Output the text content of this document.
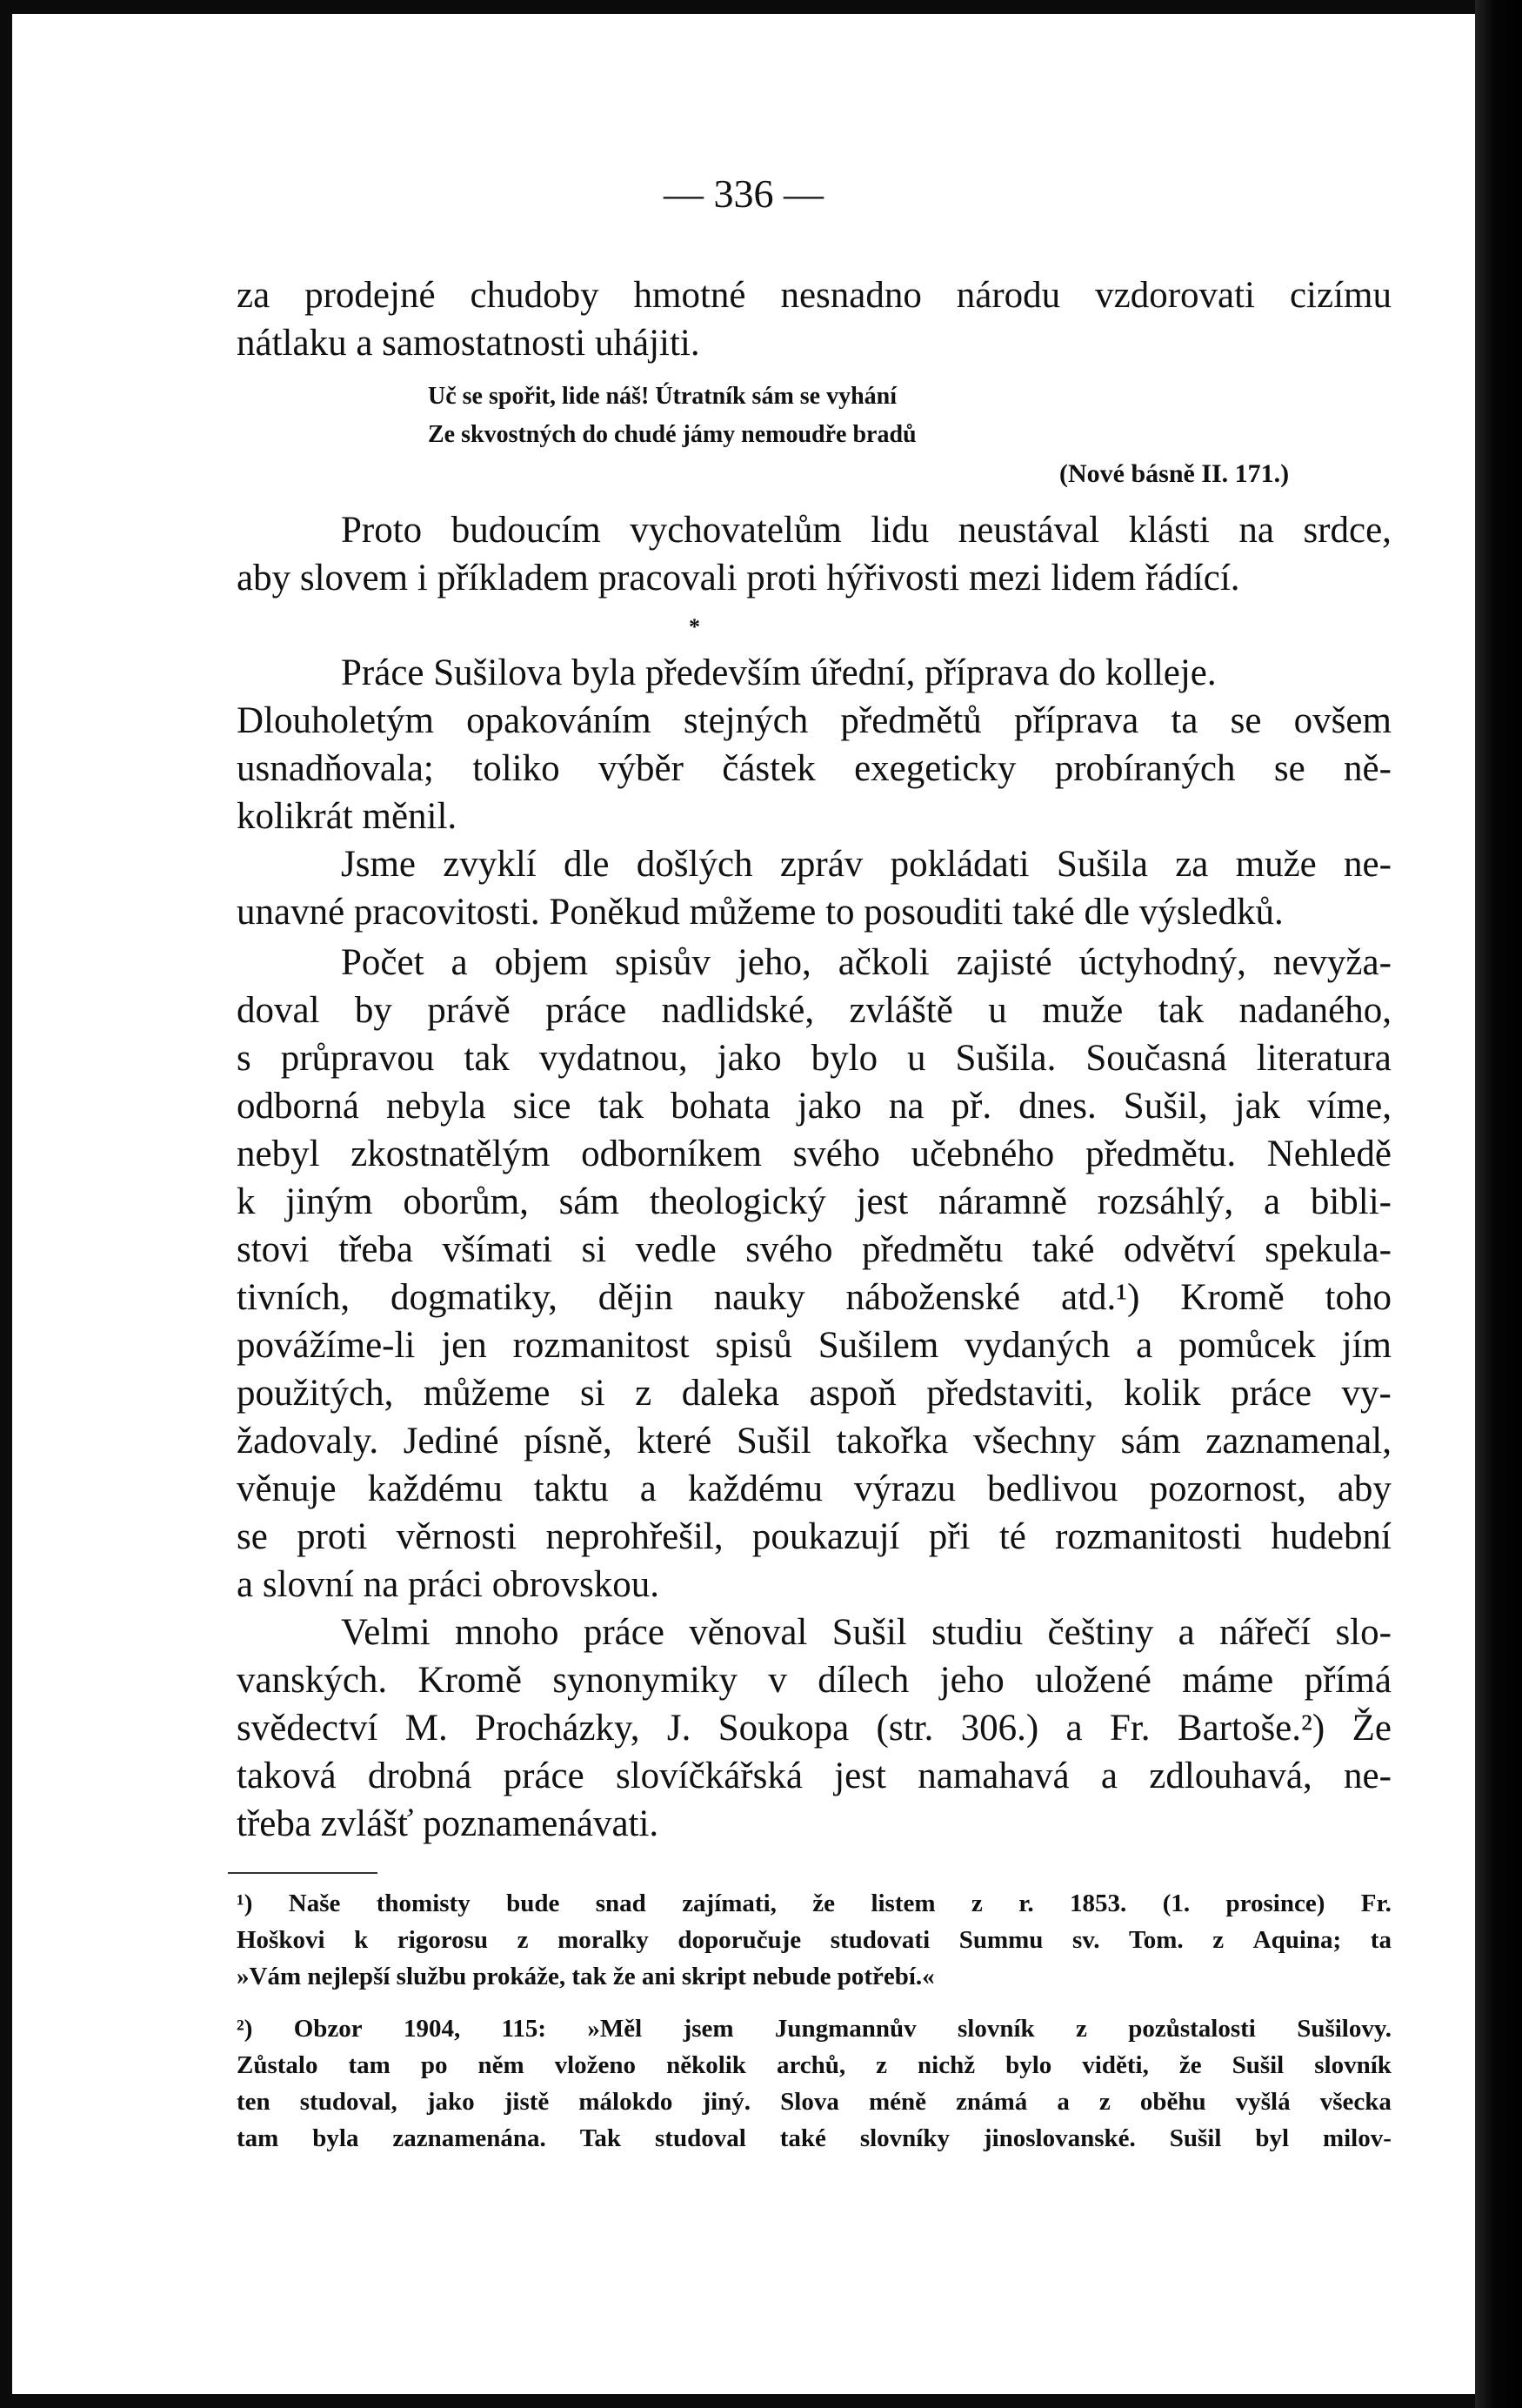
— 336 —
za prodejné chudoby hmotné nesnadno národu vzdorovati cizímu
nátlaku a samostatnosti uhájiti.
Uč se spořit, lide náš! Útratník sám se vyhání
Ze skvostných do chudé jámy nemoudře bradů
(Nové básně II. 171.)
Proto budoucím vychovatelům lidu neustával klásti na srdce,
aby slovem i příkladem pracovali proti hýřivosti mezi lidem řádící.
*
Práce Sušilova byla především úřední, příprava do kolleje.
Dlouholetým opakováním stejných předmětů příprava ta se ovšem
usnadňovala; toliko výběr částek exegeticky probíraných se ně-
kolikrát měnil.
Jsme zvyklí dle došlých zpráv pokládati Sušila za muže ne-
unavné pracovitosti. Poněkud můžeme to posouditi také dle výsledků.
Počet a objem spisův jeho, ačkoli zajisté úctyhodný, nevyža-
doval by právě práce nadlidské, zvláště u muže tak nadaného,
s průpravou tak vydatnou, jako bylo u Sušila. Současná literatura
odborná nebyla sice tak bohata jako na př. dnes. Sušil, jak víme,
nebyl zkostnatělým odborníkem svého učebného předmětu. Nehledě
k jiným oborům, sám theologický jest náramně rozsáhlý, a bibli-
stovi třeba všímati si vedle svého předmětu také odvětví spekula-
tivních, dogmatiky, dějin nauky náboženské atd.¹) Kromě toho
povážíme-li jen rozmanitost spisů Sušilem vydaných a pomůcek jím
použitých, můžeme si z daleka aspoň představiti, kolik práce vy-
žadovaly. Jediné písně, které Sušil takořka všechny sám zaznamenal,
věnuje každému taktu a každému výrazu bedlivou pozornost, aby
se proti věrnosti neprohřešil, poukazují při té rozmanitosti hudební
a slovní na práci obrovskou.
Velmi mnoho práce věnoval Sušil studiu češtiny a nářečí slo-
vanských. Kromě synonymiky v dílech jeho uložené máme přímá
svědectví M. Procházky, J. Soukopa (str. 306.) a Fr. Bartoše.²) Že
taková drobná práce slovíčkářská jest namahavá a zdlouhavá, ne-
třeba zvlášť poznamenávati.
¹) Naše thomisty bude snad zajímati, že listem z r. 1853. (1. prosince) Fr.
Hoškovi k rigorosu z moralky doporučuje studovati Summu sv. Tom. z Aquina; ta
»Vám nejlepší službu prokáže, tak že ani skript nebude potřebí.«
²) Obzor 1904, 115: »Měl jsem Jungmannův slovník z pozůstalosti Sušilovy.
Zůstalo tam po něm vloženo několik archů, z nichž bylo viděti, že Sušil slovník
ten studoval, jako jistě málokdo jiný. Slova méně známá a z oběhu vyšlá všecka
tam byla zaznamenána. Tak studoval také slovníky jinoslovanské. Sušil byl milov-
